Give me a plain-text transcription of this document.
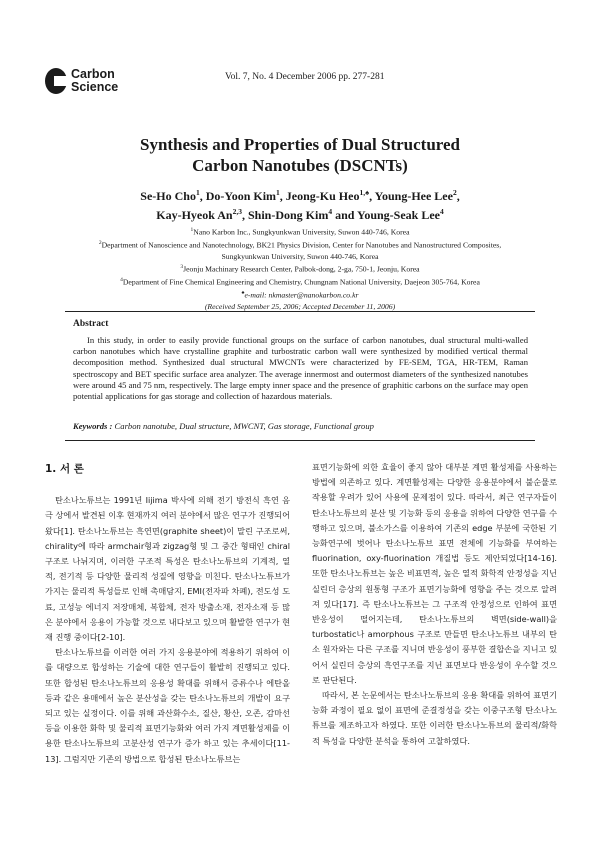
Carbon
Science
Vol. 7, No. 4 December 2006 pp. 277-281
Synthesis and Properties of Dual Structured
Carbon Nanotubes (DSCNTs)
Se-Ho Cho$^1$, Do-Yoon Kim$^1$, Jeong-Ku Heo$^{1,♠}$, Young-Hee Lee$^2$,
Kay-Hyeok An$^{2,3}$, Shin-Dong Kim$^4$ and Young-Seak Lee$^4$
$^1$Nano Karbon Inc., Sungkyunkwan University, Suwon 440-746, Korea
$^2$Department of Nanoscience and Nanotechnology, BK21 Physics Division, Center for Nanotubes and Nanostructured Composites,
Sungkyunkwan University, Suwon 440-746, Korea
$^3$Jeonju Machinary Research Center, Palbok-dong, 2-ga, 750-1, Jeonju, Korea
$^4$Department of Fine Chemical Engineering and Chemistry, Chungnam National University, Daejeon 305-764, Korea
♠e-mail: nkmaster@nanokarbon.co.kr
(Received September 25, 2006; Accepted December 11, 2006)
Abstract
In this study, in order to easily provide functional groups on the surface of carbon nanotubes, dual structural multi-walled carbon nanotubes which have crystalline graphite and turbostratic carbon wall were synthesized by modified vertical thermal decomposition method. Synthesized dual structural MWCNTs were characterized by FE-SEM, TGA, HR-TEM, Raman spectroscopy and BET specific surface area analyzer. The average innermost and outermost diameters of the synthesized nanotubes were around 45 and 75 nm, respectively. The large empty inner space and the presence of graphitic carbons on the surface may open potential applications for gas storage and collection of hazardous materials.
Keywords : Carbon nanotube, Dual structure, MWCNT, Gas storage, Functional group
1. 서 론

탄소나노튜브는 1991년 Iijima 박사에 의해 전기 방전식 흑연 음극 상에서 발견된 이후 현재까지 여러 분야에서 많은 연구가 진행되어 왔다[1]. 탄소나노튜브는 흑연면(graphite sheet)이 말린 구조로써, chirality에 따라 armchair형과 zigzag형 및 그 중간 형태인 chiral 구조로 나뉘지며, 이러한 구조적 특성은 탄소나노튜브의 기계적, 열적, 전기적 등 다양한 물리적 성질에 영향을 미친다. 탄소나노튜브가 가지는 물리적 특성들로 인해 촉매담지, EMI(전자파 차폐), 전도성 도료, 고성능 에너지 저장매체, 복합체, 전자 방출소재, 전자소재 등 많은 분야에서 응용이 가능할 것으로 내다보고 있으며 활발한 연구가 현재 진행 중이다[2-10].

탄소나노튜브를 이러한 여러 가지 응용분야에 적용하기 위하여 이를 대량으로 합성하는 기술에 대한 연구들이 활발히 진행되고 있다. 또한 합성된 탄소나노튜브의 응용성 확대를 위해서 증류수나 에탄올 등과 같은 용매에서 높은 분산성을 갖는 탄소나노튜브의 개발이 요구되고 있는 실정이다. 이를 위해 과산화수소, 질산, 황산, 오존, 감마선 등을 이용한 화학 및 물리적 표면기능화와 여러 가지 계면활성제를 이용한 탄소나노튜브의 고분산성 연구가 증가 하고 있는 추세이다[11-13]. 그럼지만 기존의 방법으로 합성된 탄소나노튜브는

표면기능화에 의한 효율이 좋지 않아 대부분 계면 활성제를 사용하는 방법에 의존하고 있다. 계면활성제는 다양한 응용분야에서 불순물로 작용할 우려가 있어 사용에 문제점이 있다. 따라서, 최근 연구자들이 탄소나노튜브의 분산 및 기능화 등의 응용을 위하여 다양한 연구를 수행하고 있으며, 불소가스를 이용하여 기존의 edge 부분에 국한된 기능화연구에 벗어나 탄소나노튜브 표면 전체에 기능화를 부여하는 fluorination, oxy-fluorination 개질법 등도 제안되었다[14-16]. 또한 탄소나노튜브는 높은 비표면적, 높은 열적 화학적 안정성을 지닌 실린더 층상의 원통형 구조가 표면기능화에 영향을 주는 것으로 알려져 있다[17]. 즉 탄소나노튜브는 그 구조적 안정성으로 인하여 표면반응성이 떨어지는데, 탄소나노튜브의 벽면(side-wall)을 turbostatic나 amorphous 구조로 만들면 탄소나노튜브 내부의 탄소 원자와는 다른 구조를 지니며 반응성이 풍부한 결합손을 지니고 있어서 실린더 층상의 흑연구조를 지닌 표면보다 반응성이 우수할 것으로 판단된다.

따라서, 본 논문에서는 탄소나노튜브의 응용 확대를 위하여 표면기능화 과정이 필요 없이 표면에 준결정성을 갖는 이중구조형 탄소나노튜브를 제조하고자 하였다. 또한 이러한 탄소나노튜브의 물리적/화학적 특성을 다양한 분석을 통하여 고찰하였다.
